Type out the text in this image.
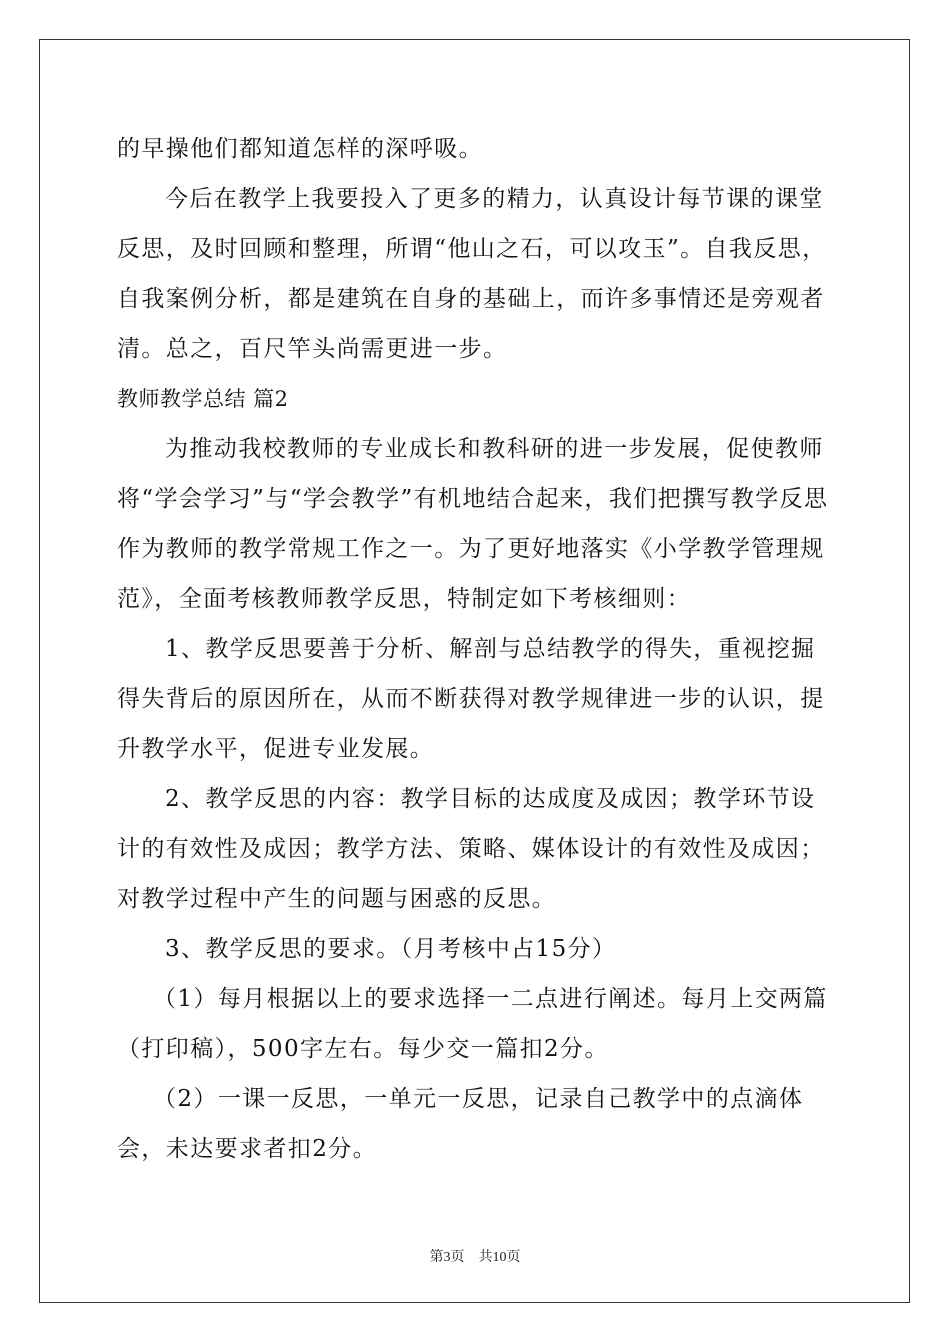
的早操他们都知道怎样的深呼吸。

今后在教学上我要投入了更多的精力，认真设计每节课的课堂反思，及时回顾和整理，所谓“他山之石，可以攻玉”。自我反思，自我案例分析，都是建筑在自身的基础上，而许多事情还是旁观者清。总之，百尺竿头尚需更进一步。

教师教学总结 篇2

为推动我校教师的专业成长和教科研的进一步发展，促使教师将“学会学习”与“学会教学”有机地结合起来，我们把撰写教学反思作为教师的教学常规工作之一。为了更好地落实《小学教学管理规范》，全面考核教师教学反思，特制定如下考核细则：

1、教学反思要善于分析、解剖与总结教学的得失，重视挖掘得失背后的原因所在，从而不断获得对教学规律进一步的认识，提升教学水平，促进专业发展。

2、教学反思的内容：教学目标的达成度及成因；教学环节设计的有效性及成因；教学方法、策略、媒体设计的有效性及成因；对教学过程中产生的问题与困惑的反思。

3、教学反思的要求。（月考核中占15分）

（1）每月根据以上的要求选择一二点进行阐述。每月上交两篇（打印稿），500字左右。每少交一篇扣2分。

（2）一课一反思，一单元一反思，记录自己教学中的点滴体会，未达要求者扣2分。

第3页 共10页
